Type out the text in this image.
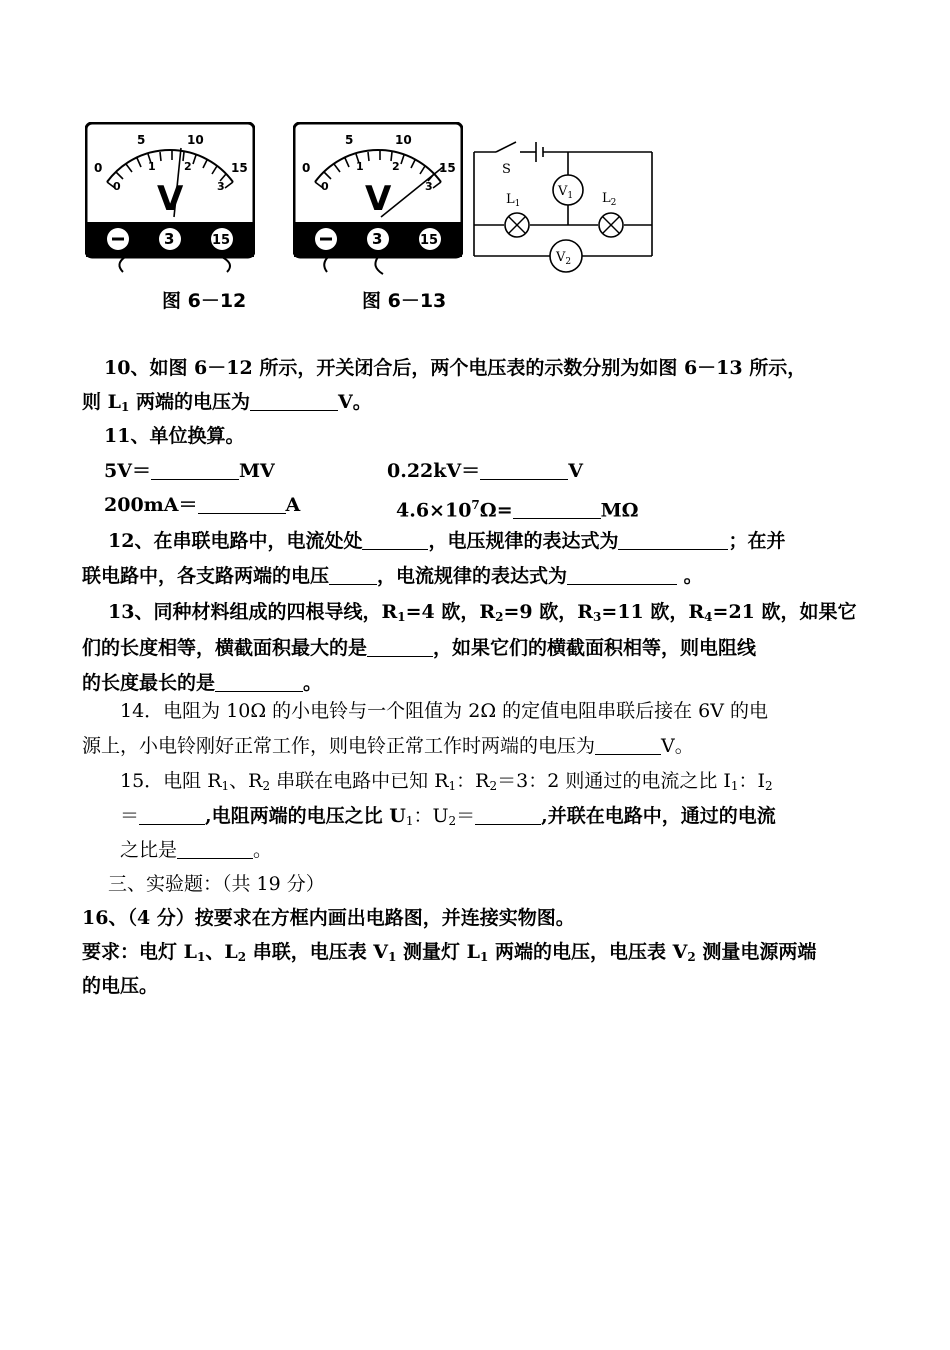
0
5	10
15
0
1	2
3
V
3	15
0
5	10
15
0
1	2
3
V
3	15
S
$V_1$
$V_2$
$L_1$	$L_2$
图 6－12	图 6－13
10、如图 6－12 所示，开关闭合后，两个电压表的示数分别为如图 6－13 所示，
则 $L_1$ 两端的电压为	V。
11、单位换算。
5V＝	MV	0.22kV＝	V
200mA＝	A	$4.6\times 10^7\Omega=$	MΩ
12、在串联电路中，电流处处	，电压规律的表达式为	；在并
联电路中，各支路两端的电压	，电流规律的表达式为	。
13、同种材料组成的四根导线，$R_1=4$ 欧，$R_2=9$ 欧，$R_3=11$ 欧，$R_4=21$ 欧，如果它
们的长度相等，横截面积最大的是	，如果它们的横截面积相等，则电阻线
的长度最长的是	。
14．电阻为 10Ω 的小电铃与一个阻值为 2Ω 的定值电阻串联后接在 6V 的电
源上，小电铃刚好正常工作，则电铃正常工作时两端的电压为	V。
15．电阻 $R_1$、$R_2$ 串联在电路中已知 $R_1$：$R_2=3$：2 则通过的电流之比 $I_1$：$I_2$
＝	,电阻两端的电压之比 $U_1$：$U_2=$	,并联在电路中，通过的电流
之比是	。
三、实验题：（共 19 分）
16、（4 分）按要求在方框内画出电路图，并连接实物图。
要求：电灯 $L_1$、$L_2$ 串联，电压表 $V_1$ 测量灯 $L_1$ 两端的电压，电压表 $V_2$ 测量电源两端
的电压。
